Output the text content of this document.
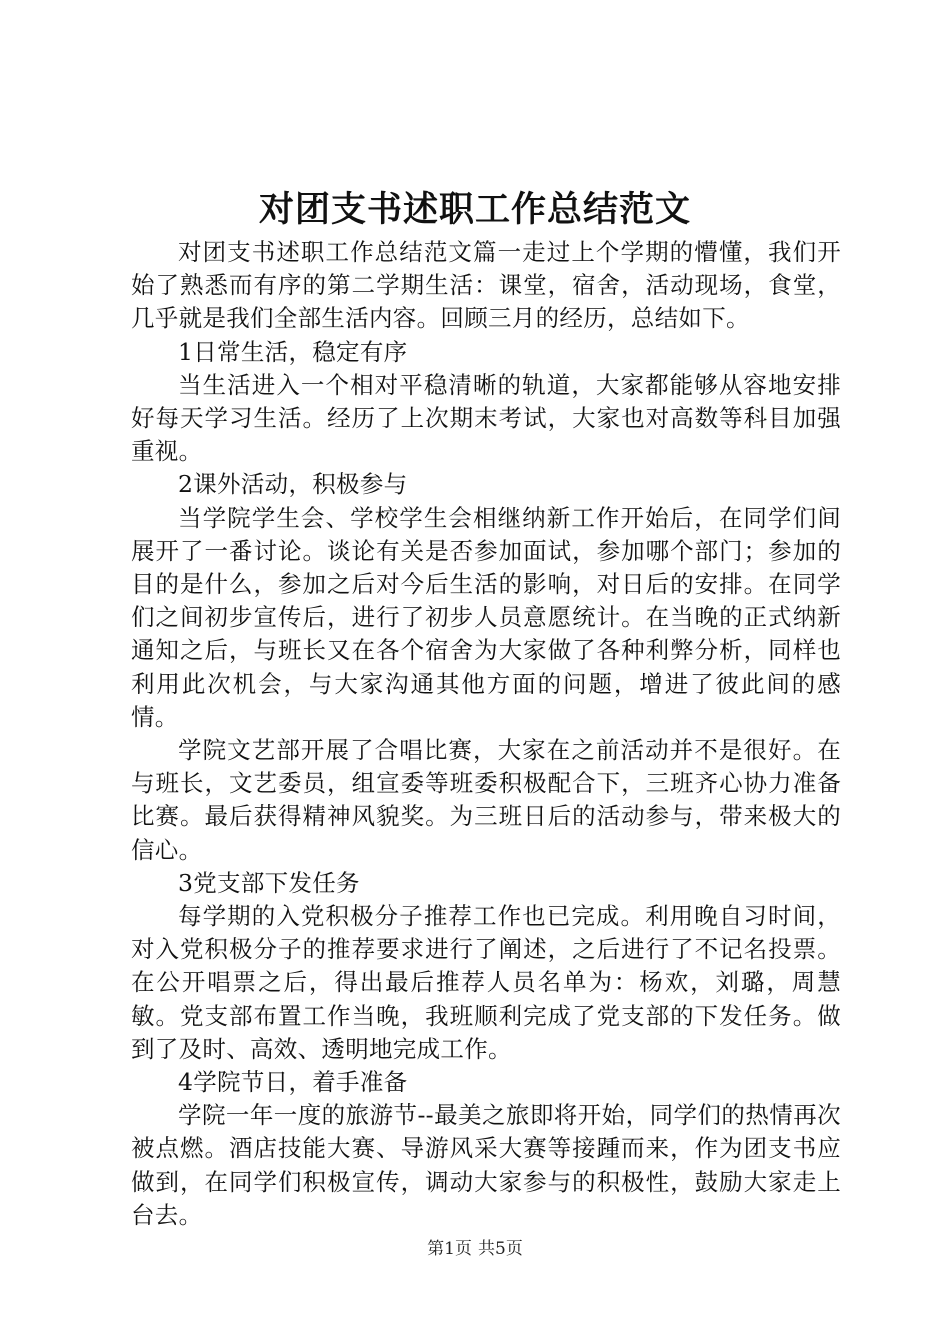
对团支书述职工作总结范文

对团支书述职工作总结范文篇一走过上个学期的懵懂，我们开始了熟悉而有序的第二学期生活：课堂，宿舍，活动现场，食堂，几乎就是我们全部生活内容。回顾三月的经历，总结如下。

1日常生活，稳定有序

当生活进入一个相对平稳清晰的轨道，大家都能够从容地安排好每天学习生活。经历了上次期末考试，大家也对高数等科目加强重视。

2课外活动，积极参与

当学院学生会、学校学生会相继纳新工作开始后，在同学们间展开了一番讨论。谈论有关是否参加面试，参加哪个部门；参加的目的是什么，参加之后对今后生活的影响，对日后的安排。在同学们之间初步宣传后，进行了初步人员意愿统计。在当晚的正式纳新通知之后，与班长又在各个宿舍为大家做了各种利弊分析，同样也利用此次机会，与大家沟通其他方面的问题，增进了彼此间的感情。

学院文艺部开展了合唱比赛，大家在之前活动并不是很好。在与班长，文艺委员，组宣委等班委积极配合下，三班齐心协力准备比赛。最后获得精神风貌奖。为三班日后的活动参与，带来极大的信心。

3党支部下发任务

每学期的入党积极分子推荐工作也已完成。利用晚自习时间，对入党积极分子的推荐要求进行了阐述，之后进行了不记名投票。在公开唱票之后，得出最后推荐人员名单为：杨欢，刘璐，周慧敏。党支部布置工作当晚，我班顺利完成了党支部的下发任务。做到了及时、高效、透明地完成工作。

4学院节日，着手准备

学院一年一度的旅游节--最美之旅即将开始，同学们的热情再次被点燃。酒店技能大赛、导游风采大赛等接踵而来，作为团支书应做到，在同学们积极宣传，调动大家参与的积极性，鼓励大家走上台去。

第1页 共5页
